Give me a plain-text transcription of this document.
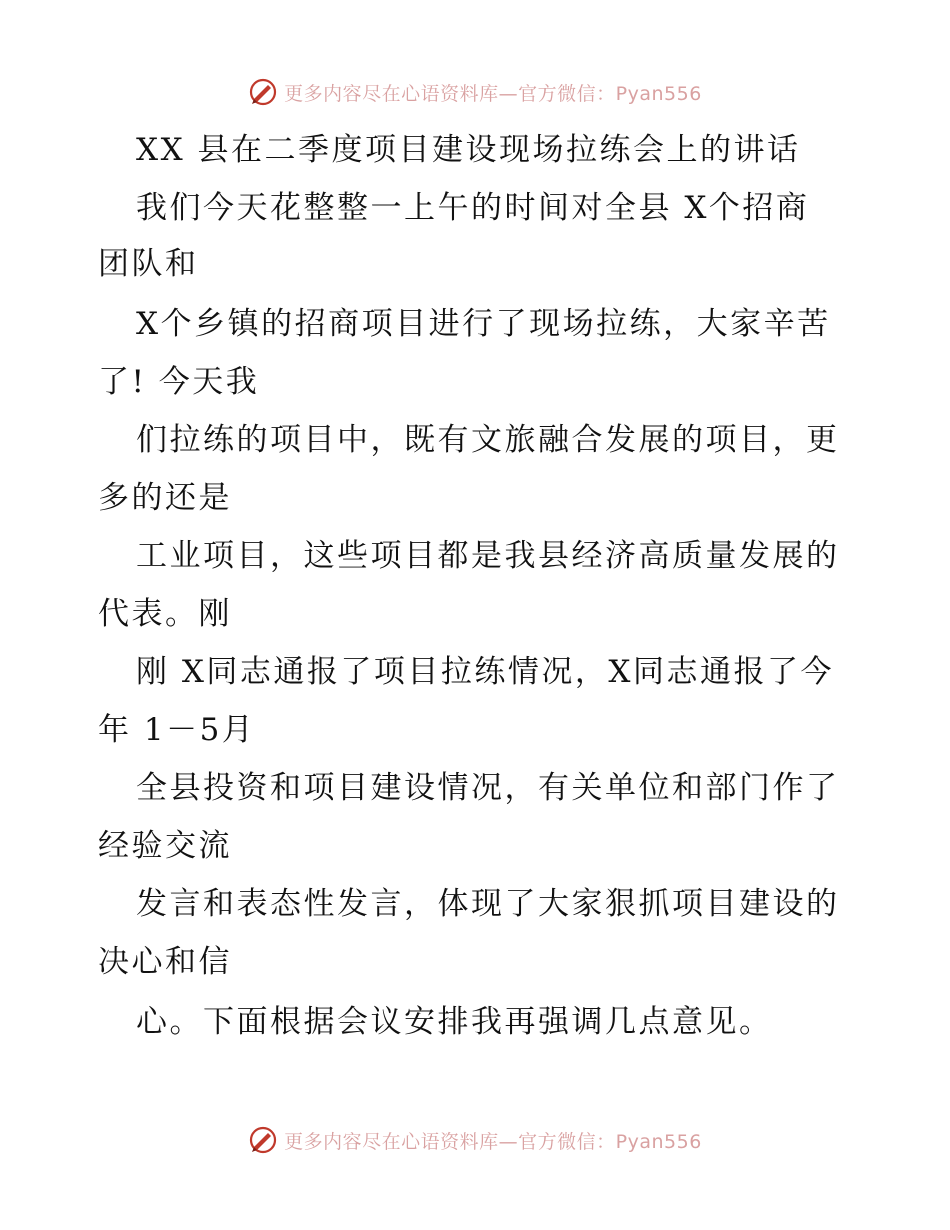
更多内容尽在心语资料库—官方微信：Pyan556
XX 县在二季度项目建设现场拉练会上的讲话
我们今天花整整一上午的时间对全县 X个招商
团队和
X个乡镇的招商项目进行了现场拉练，大家辛苦
了! 今天我
们拉练的项目中，既有文旅融合发展的项目，更
多的还是
工业项目，这些项目都是我县经济高质量发展的
代表。刚
刚 X同志通报了项目拉练情况，X同志通报了今
年 1－5月
全县投资和项目建设情况，有关单位和部门作了
经验交流
发言和表态性发言，体现了大家狠抓项目建设的
决心和信
心。下面根据会议安排我再强调几点意见。
更多内容尽在心语资料库—官方微信：Pyan556
